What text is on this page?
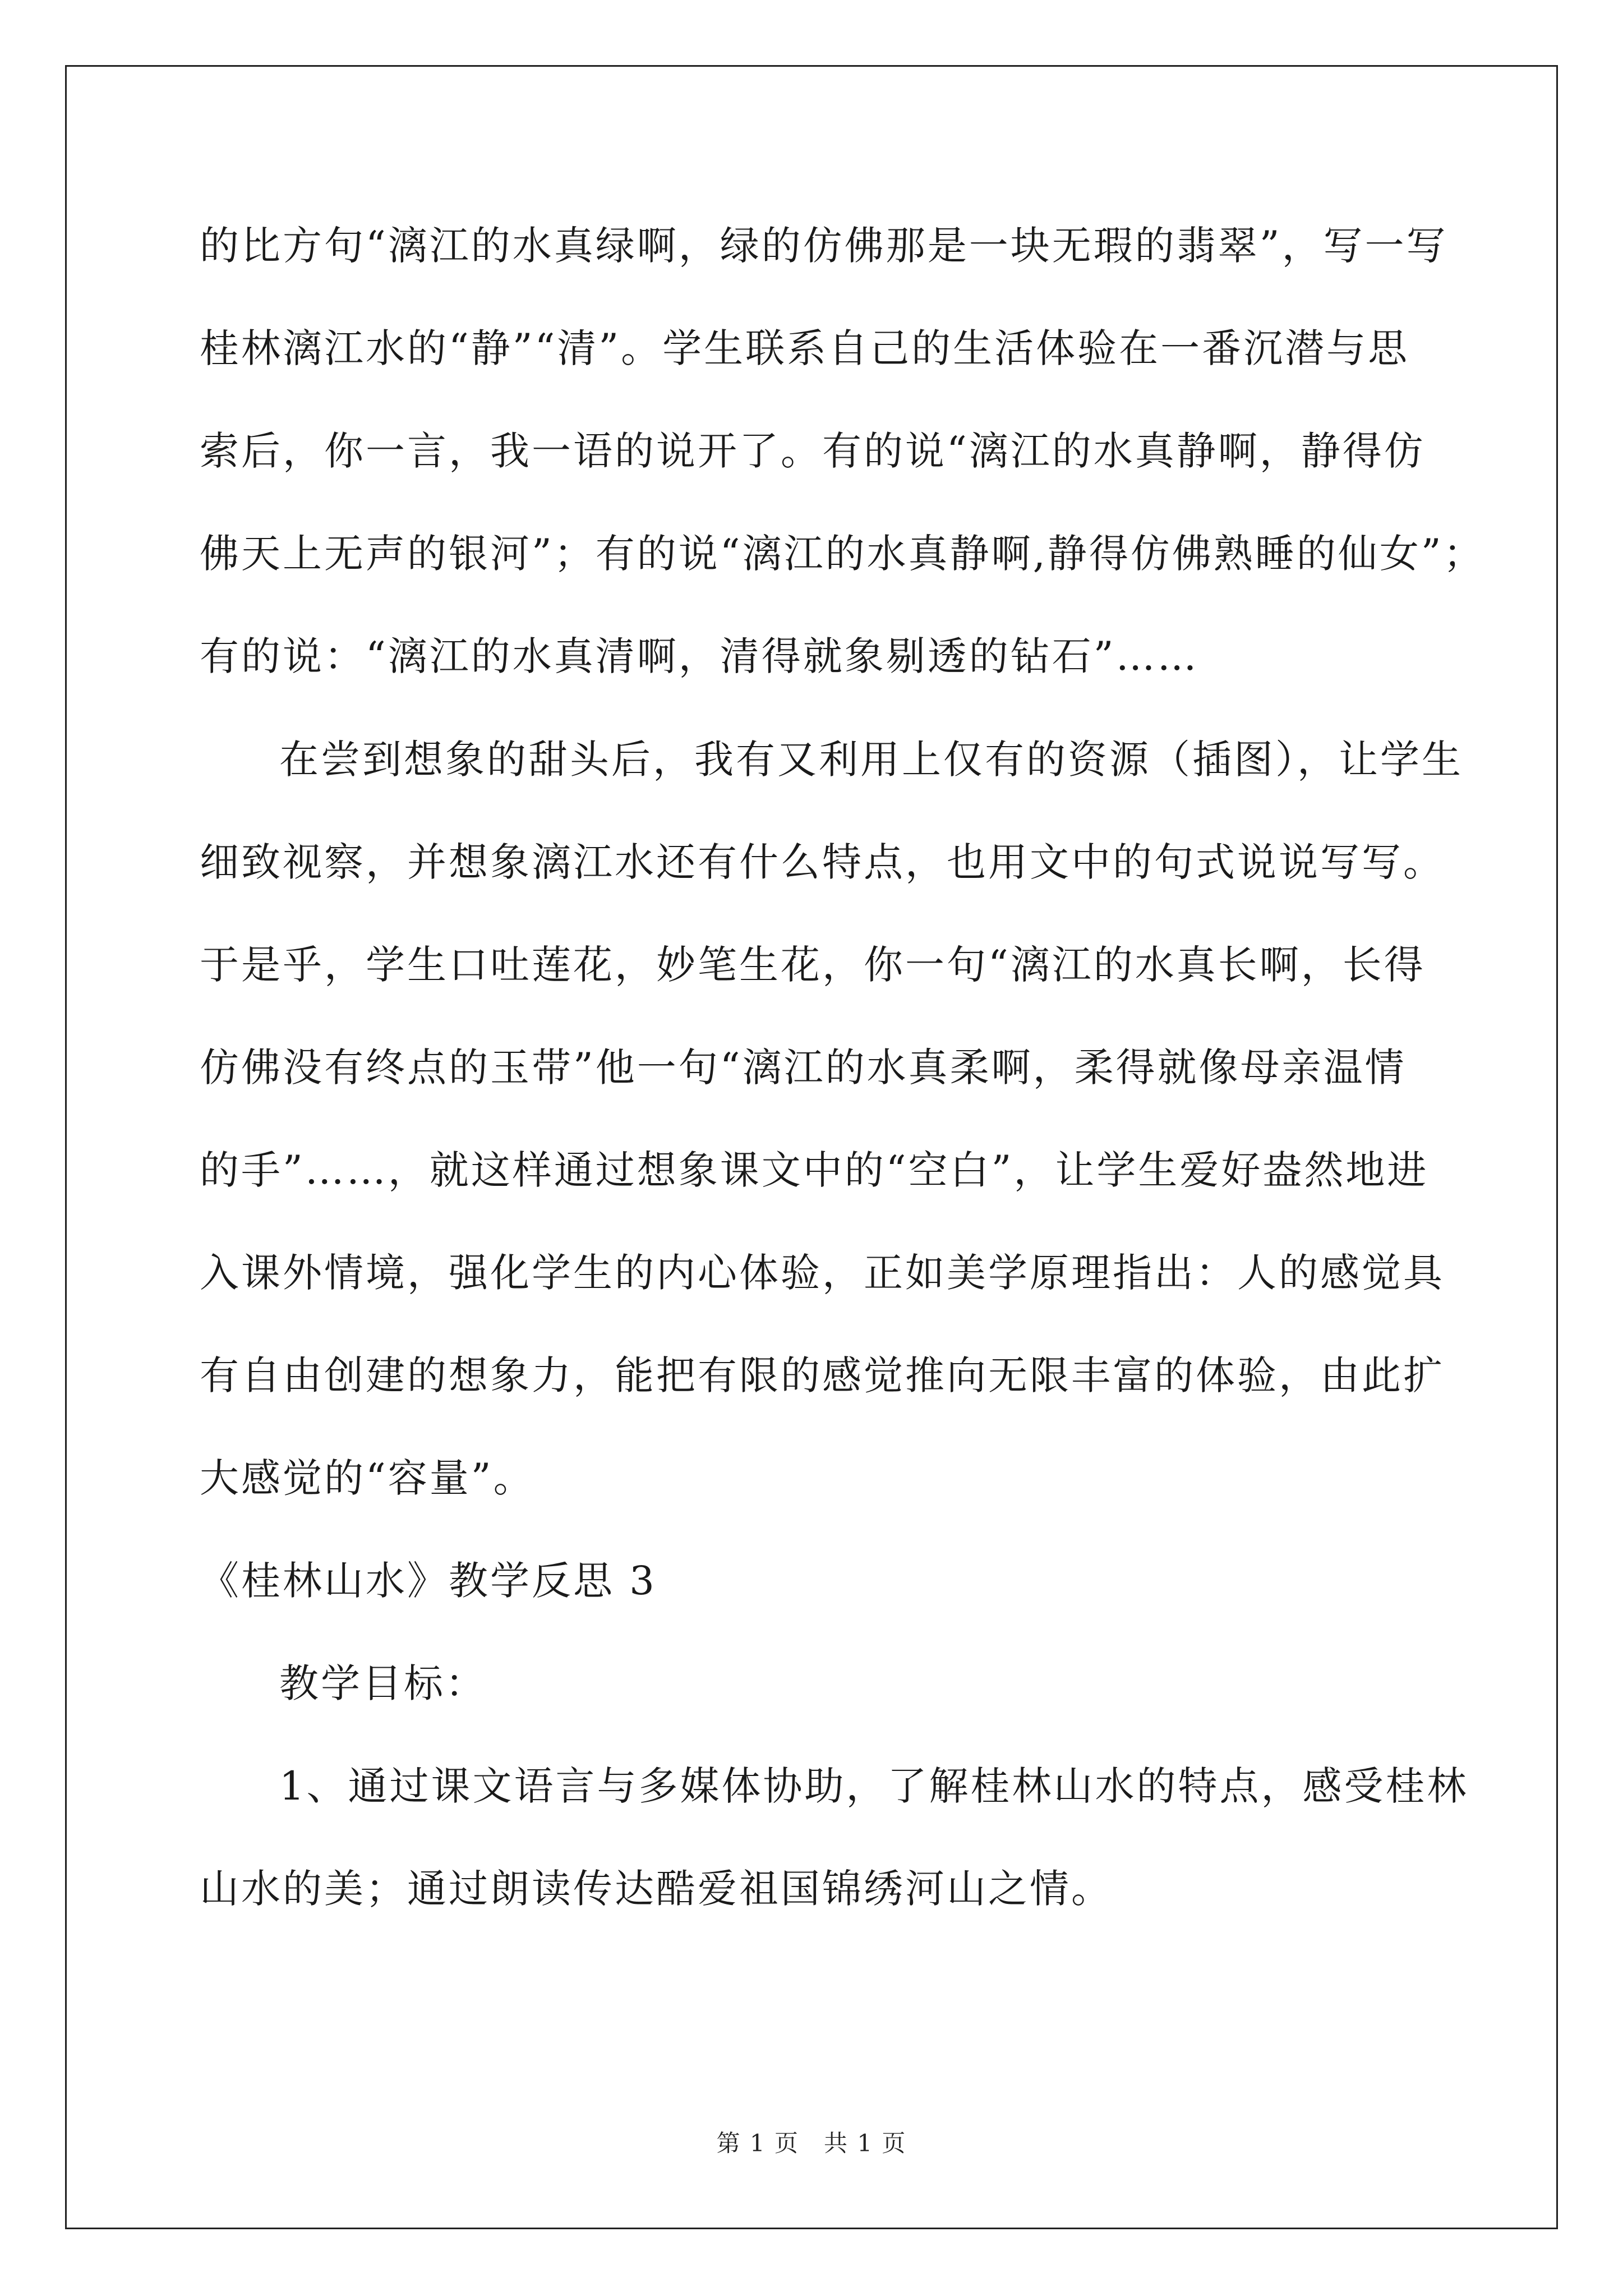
的比方句“漓江的水真绿啊，绿的仿佛那是一块无瑕的翡翠”，写一写
桂林漓江水的“静”“清”。学生联系自己的生活体验在一番沉潜与思
索后，你一言，我一语的说开了。有的说“漓江的水真静啊，静得仿
佛天上无声的银河”；有的说“漓江的水真静啊,静得仿佛熟睡的仙女”；
有的说：“漓江的水真清啊，清得就象剔透的钻石”……
在尝到想象的甜头后，我有又利用上仅有的资源（插图），让学生
细致视察，并想象漓江水还有什么特点，也用文中的句式说说写写。
于是乎，学生口吐莲花，妙笔生花，你一句“漓江的水真长啊，长得
仿佛没有终点的玉带”他一句“漓江的水真柔啊，柔得就像母亲温情
的手”……，就这样通过想象课文中的“空白”，让学生爱好盎然地进
入课外情境，强化学生的内心体验，正如美学原理指出：人的感觉具
有自由创建的想象力，能把有限的感觉推向无限丰富的体验，由此扩
大感觉的“容量”。
《桂林山水》教学反思 3
教学目标：
1、通过课文语言与多媒体协助，了解桂林山水的特点，感受桂林
山水的美；通过朗读传达酷爱祖国锦绣河山之情。
第 1 页　共 1 页
